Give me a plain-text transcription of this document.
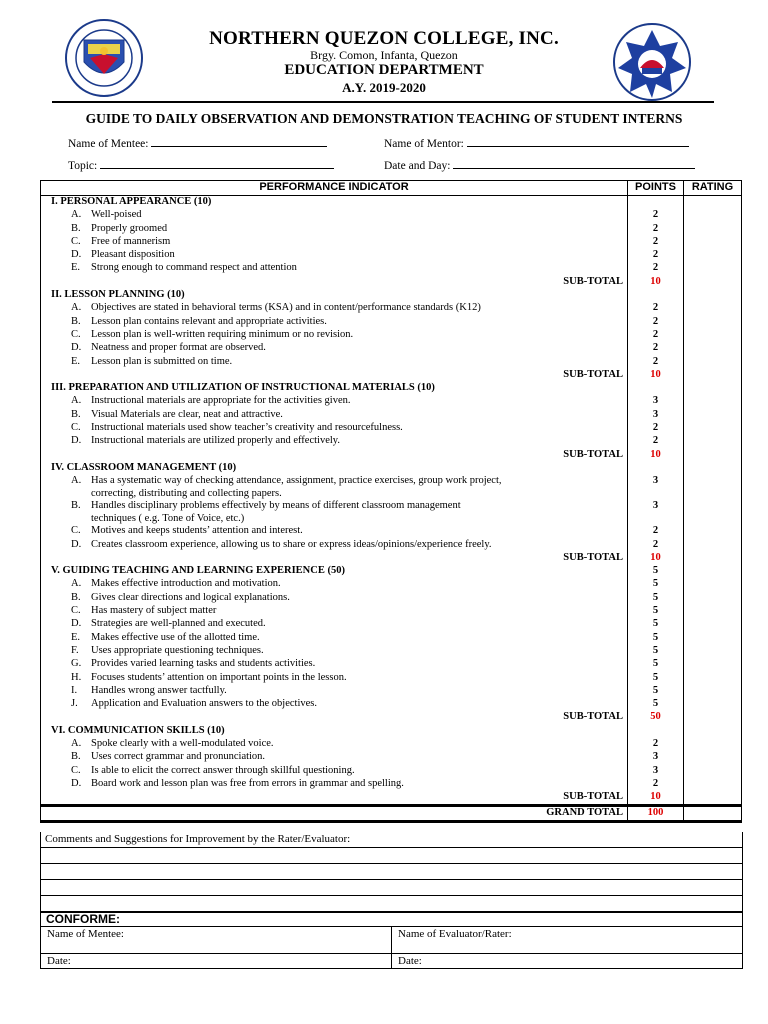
NORTHERN QUEZON COLLEGE, INC.
Brgy. Comon, Infanta, Quezon
EDUCATION DEPARTMENT
A.Y. 2019-2020
GUIDE TO DAILY OBSERVATION AND DEMONSTRATION TEACHING OF STUDENT INTERNS
Name of Mentee:	Name of Mentor:
Topic:	Date and Day:
PERFORMANCE INDICATOR	POINTS	RATING
I. PERSONAL APPEARANCE (10)		

A. Well-poised	2	

B. Properly groomed	2	

C. Free of mannerism	2	

D. Pleasant disposition	2	

E. Strong enough to command respect and attention	2	
SUB-TOTAL	10	
II. LESSON PLANNING (10)		

A. Objectives are stated in behavioral terms (KSA) and in content/performance standards (K12)	2	

B. Lesson plan contains relevant and appropriate activities.	2	

C. Lesson plan is well-written requiring minimum or no revision.	2	

D. Neatness and proper format are observed.	2	

E. Lesson plan is submitted on time.	2	
SUB-TOTAL	10	
III. PREPARATION AND UTILIZATION OF INSTRUCTIONAL MATERIALS (10)		

A. Instructional materials are appropriate for the activities given.	3	

B. Visual Materials are clear, neat and attractive.	3	

C. Instructional materials used show teacher’s creativity and resourcefulness.	2	

D. Instructional materials are utilized properly and effectively.	2	
SUB-TOTAL	10	
IV. CLASSROOM MANAGEMENT (10)		

A. Has a systematic way of checking attendance, assignment, practice exercises, group work project,
correcting, distributing and collecting papers.	3	

B. Handles disciplinary problems effectively by means of different classroom management
techniques ( e.g. Tone of Voice, etc.)	3	

C. Motives and keeps students’ attention and interest.	2	

D. Creates classroom experience, allowing us to share or express ideas/opinions/experience freely.	2	
SUB-TOTAL	10	
V. GUIDING TEACHING AND LEARNING EXPERIENCE (50)	5	

A. Makes effective introduction and motivation.	5	

B. Gives clear directions and logical explanations.	5	

C. Has mastery of subject matter	5	

D. Strategies are well-planned and executed.	5	

E. Makes effective use of the allotted time.	5	

F. Uses appropriate questioning techniques.	5	

G. Provides varied learning tasks and students activities.	5	

H. Focuses students’ attention on important points in the lesson.	5	

I. Handles wrong answer tactfully.	5	

J. Application and Evaluation answers to the objectives.	5	
SUB-TOTAL	50	
VI. COMMUNICATION SKILLS (10)		

A. Spoke clearly with a well-modulated voice.	2	

B. Uses correct grammar and pronunciation.	3	

C. Is able to elicit the correct answer through skillful questioning.	3	

D. Board work and lesson plan was free from errors in grammar and spelling.	2	
SUB-TOTAL	10	
GRAND TOTAL	100	
Comments and Suggestions for Improvement by the Rater/Evaluator:
CONFORME:
Name of Mentee:	Name of Evaluator/Rater:
Date:	Date:
